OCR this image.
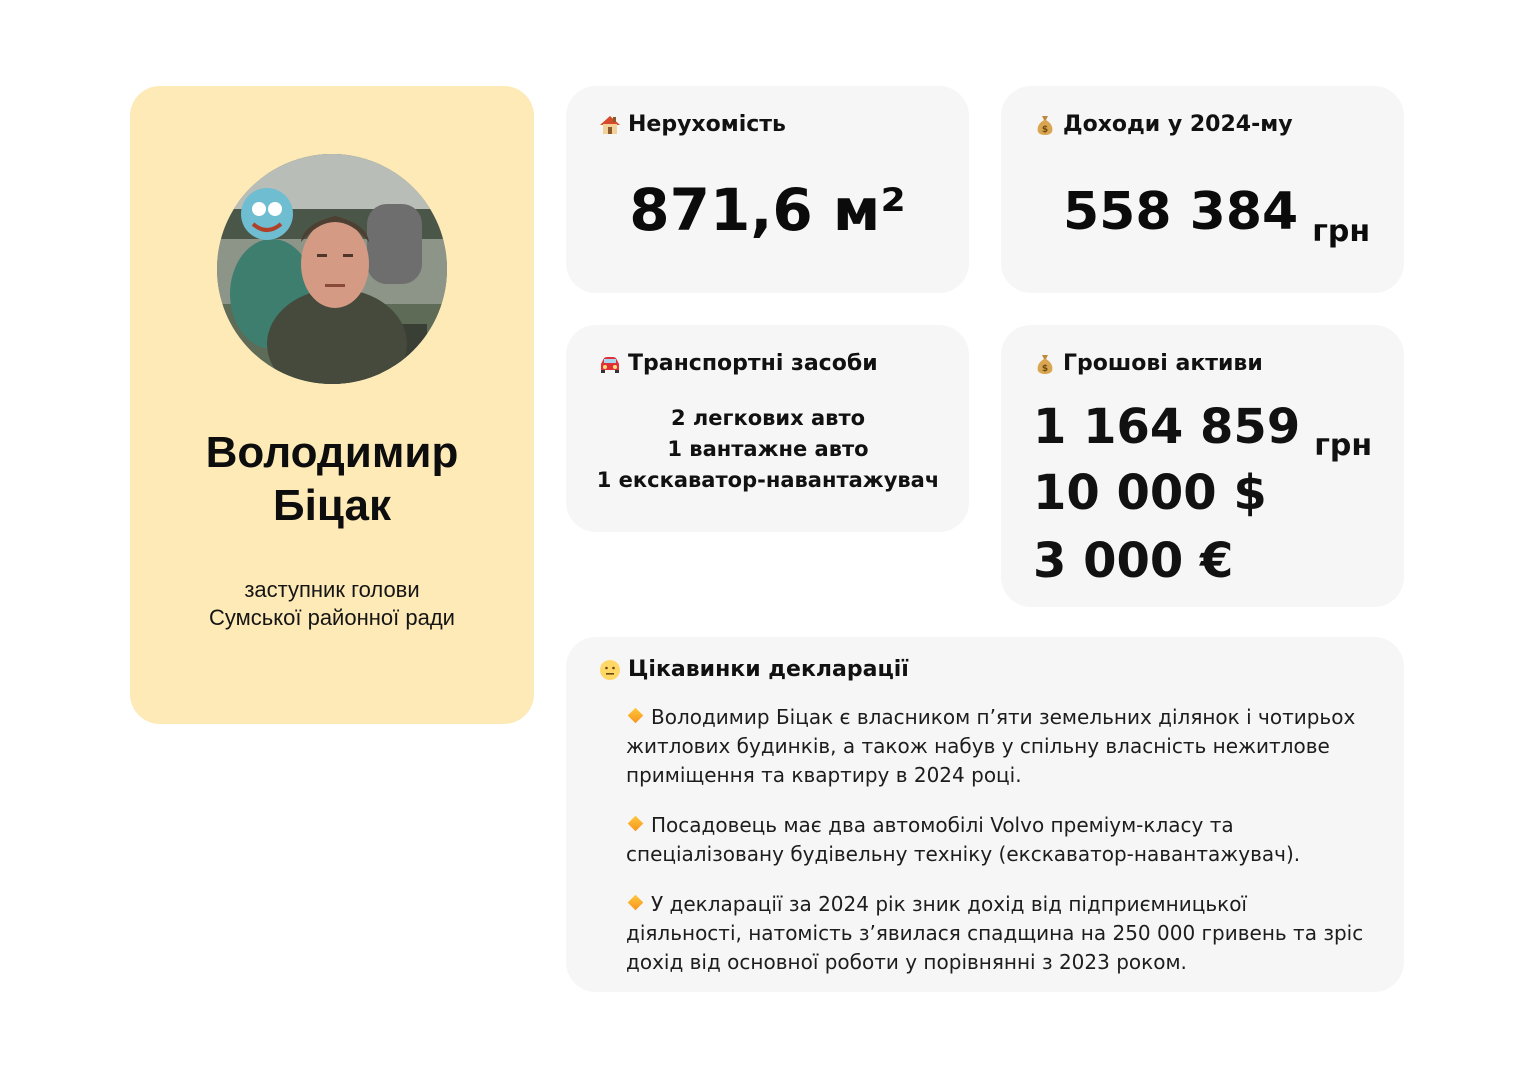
Володимир
Біцак
заступник голови Сумської районної ради
Нерухомість
871,6 м²
$ Доходи у 2024-му
558 384 $_{грн}$
Транспортні засоби
2 легкових авто
1 вантажне авто
1 екскаватор-навантажувач
$ Грошові активи
1 164 859 $_{грн}$
10 000 $
3 000 €
Цікавинки декларації
Володимир Біцак є власником п’яти земельних ділянок і чотирьох житлових будинків, а також набув у спільну власність нежитлове приміщення та квартиру в 2024 році.
Посадовець має два автомобілі Volvo преміум-класу та спеціалізовану будівельну техніку (екскаватор-навантажувач).
У декларації за 2024 рік зник дохід від підприємницької діяльності, натомість з’явилася спадщина на 250 000 гривень та зріс дохід від основної роботи у порівнянні з 2023 роком.
